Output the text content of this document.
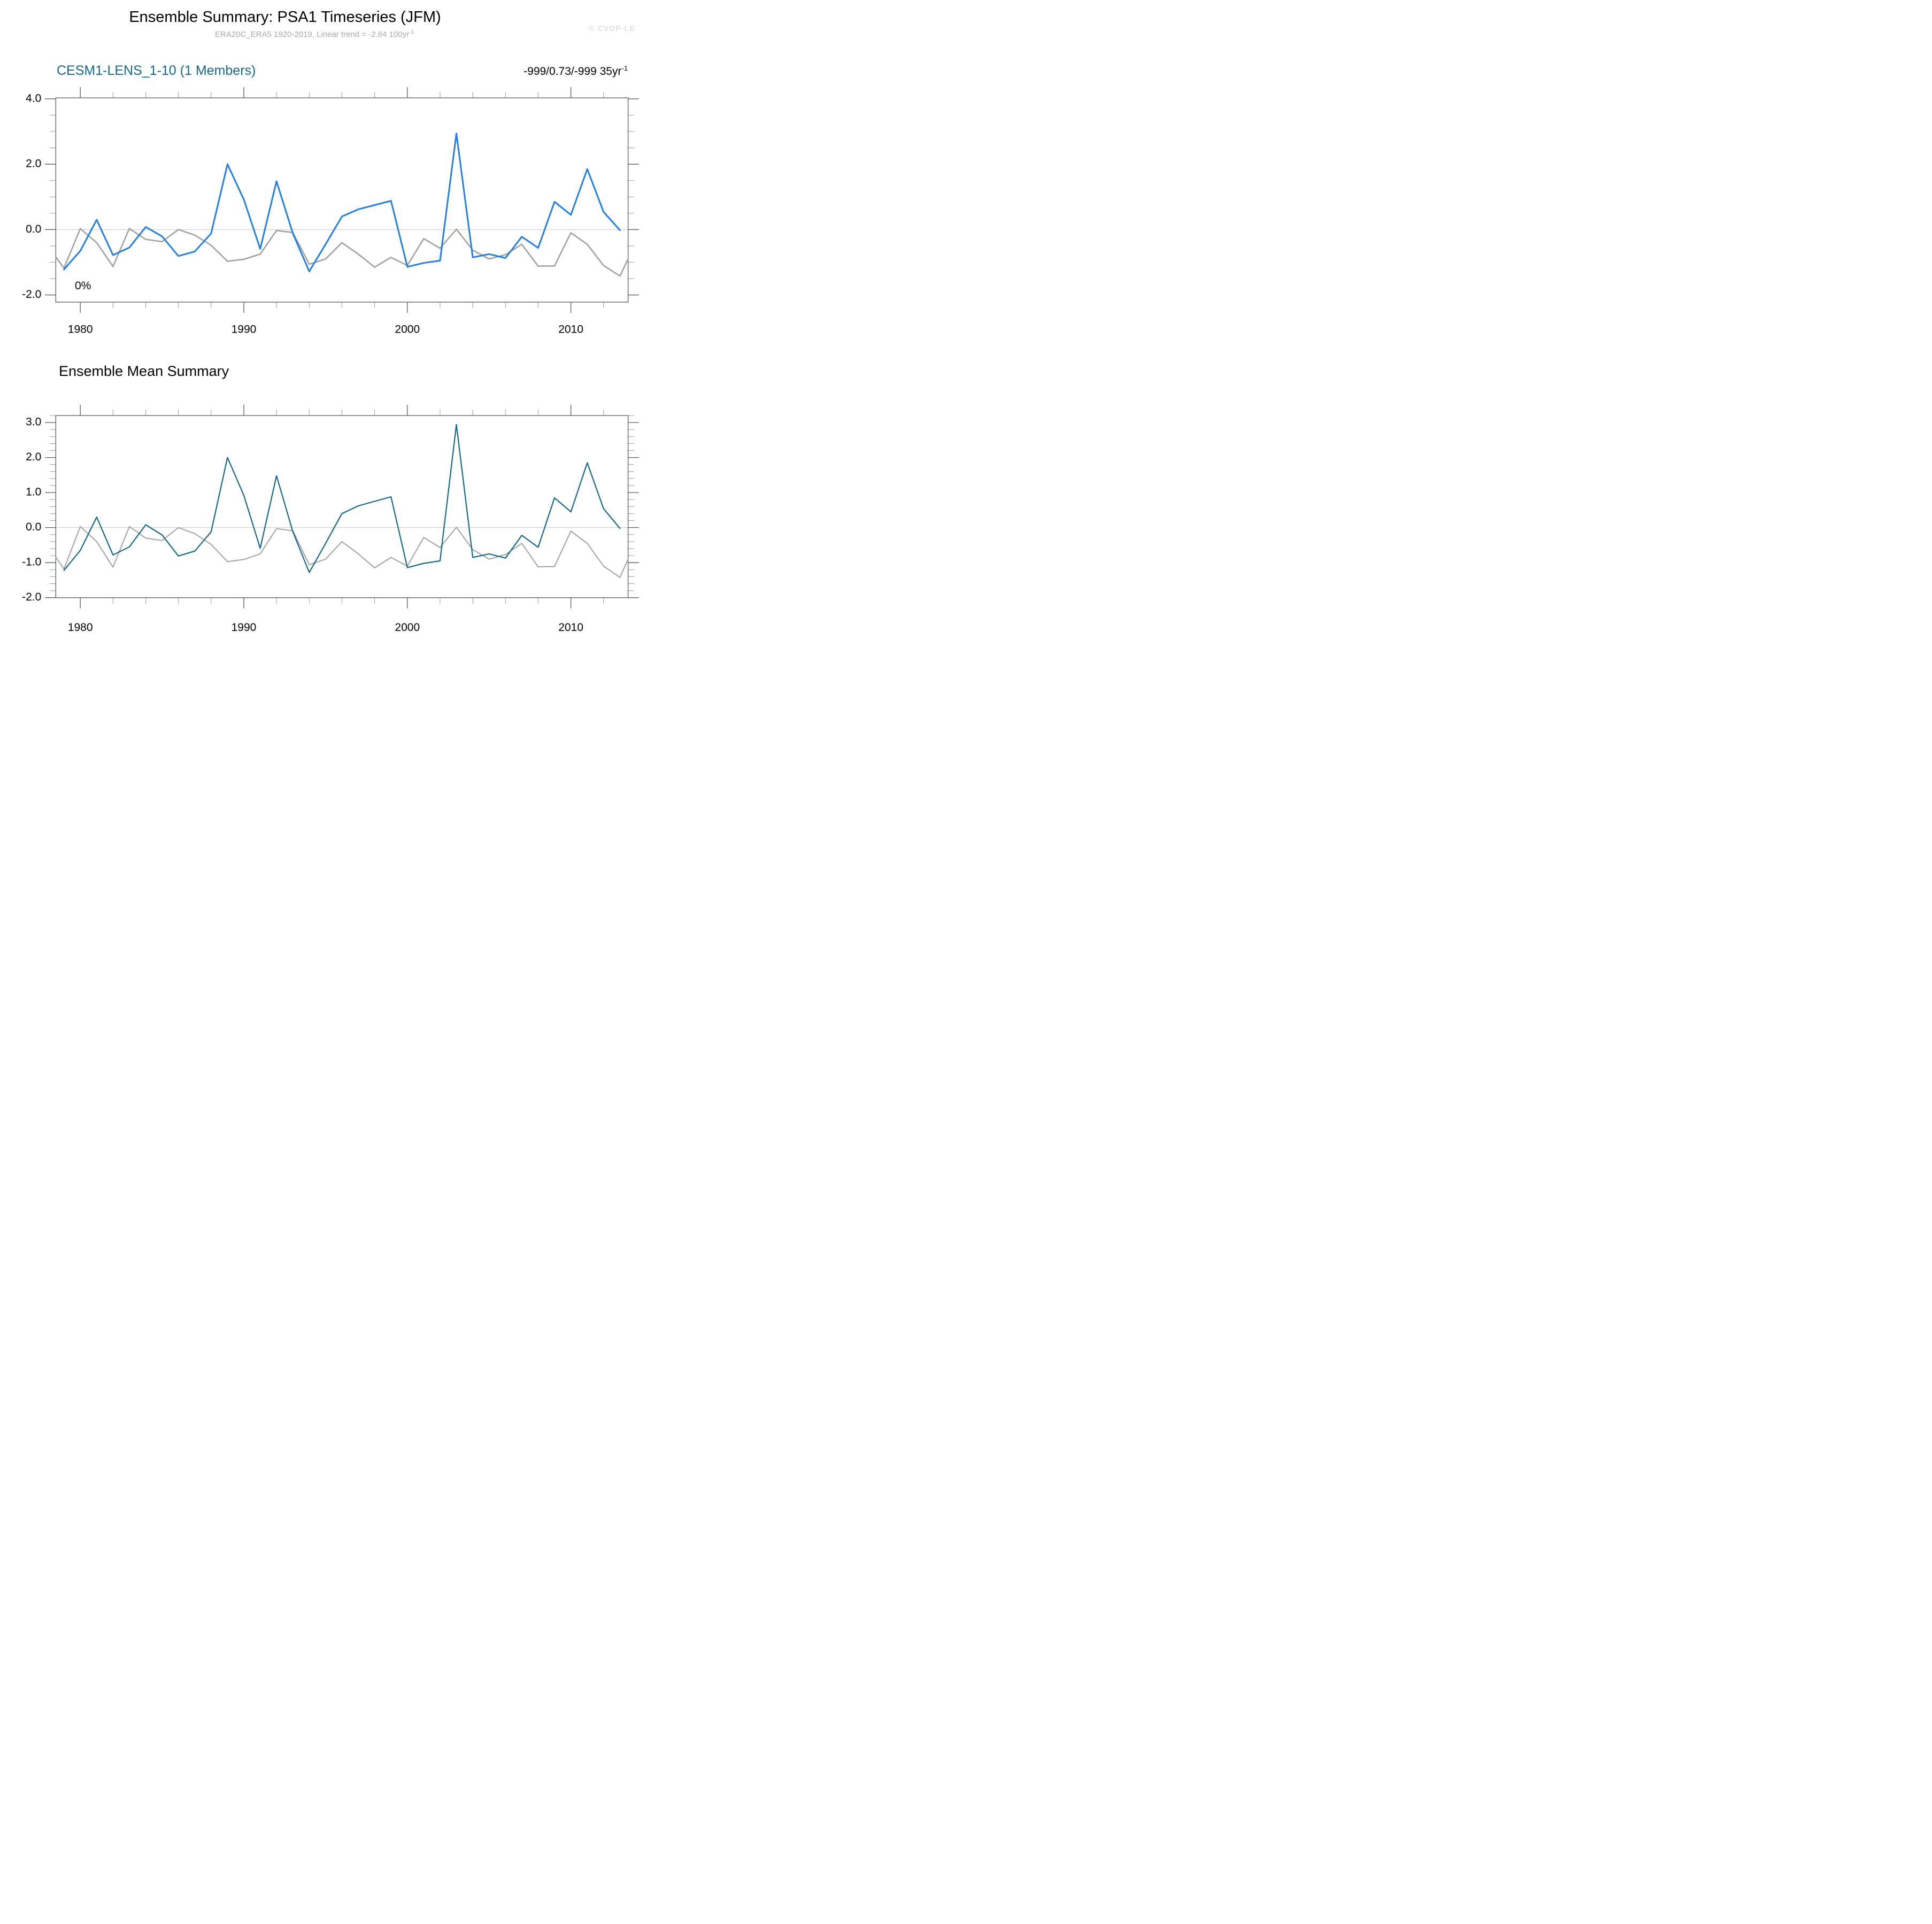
Ensemble Summary: PSA1 Timeseries (JFM)
ERA20C_ERA5 1920-2019, Linear trend = -2.64 $100yr^{-1}$	© CVDP-LE
CESM1-LENS_1-10 (1 Members)	-999/0.73/-999 $35yr^{-1}$
0%
Ensemble Mean Summary
1980	1990	2000	2010
-2.0
0.0
2.0
4.0
1980	1990	2000	2010
-2.0
-1.0
0.0
1.0
2.0
3.0
